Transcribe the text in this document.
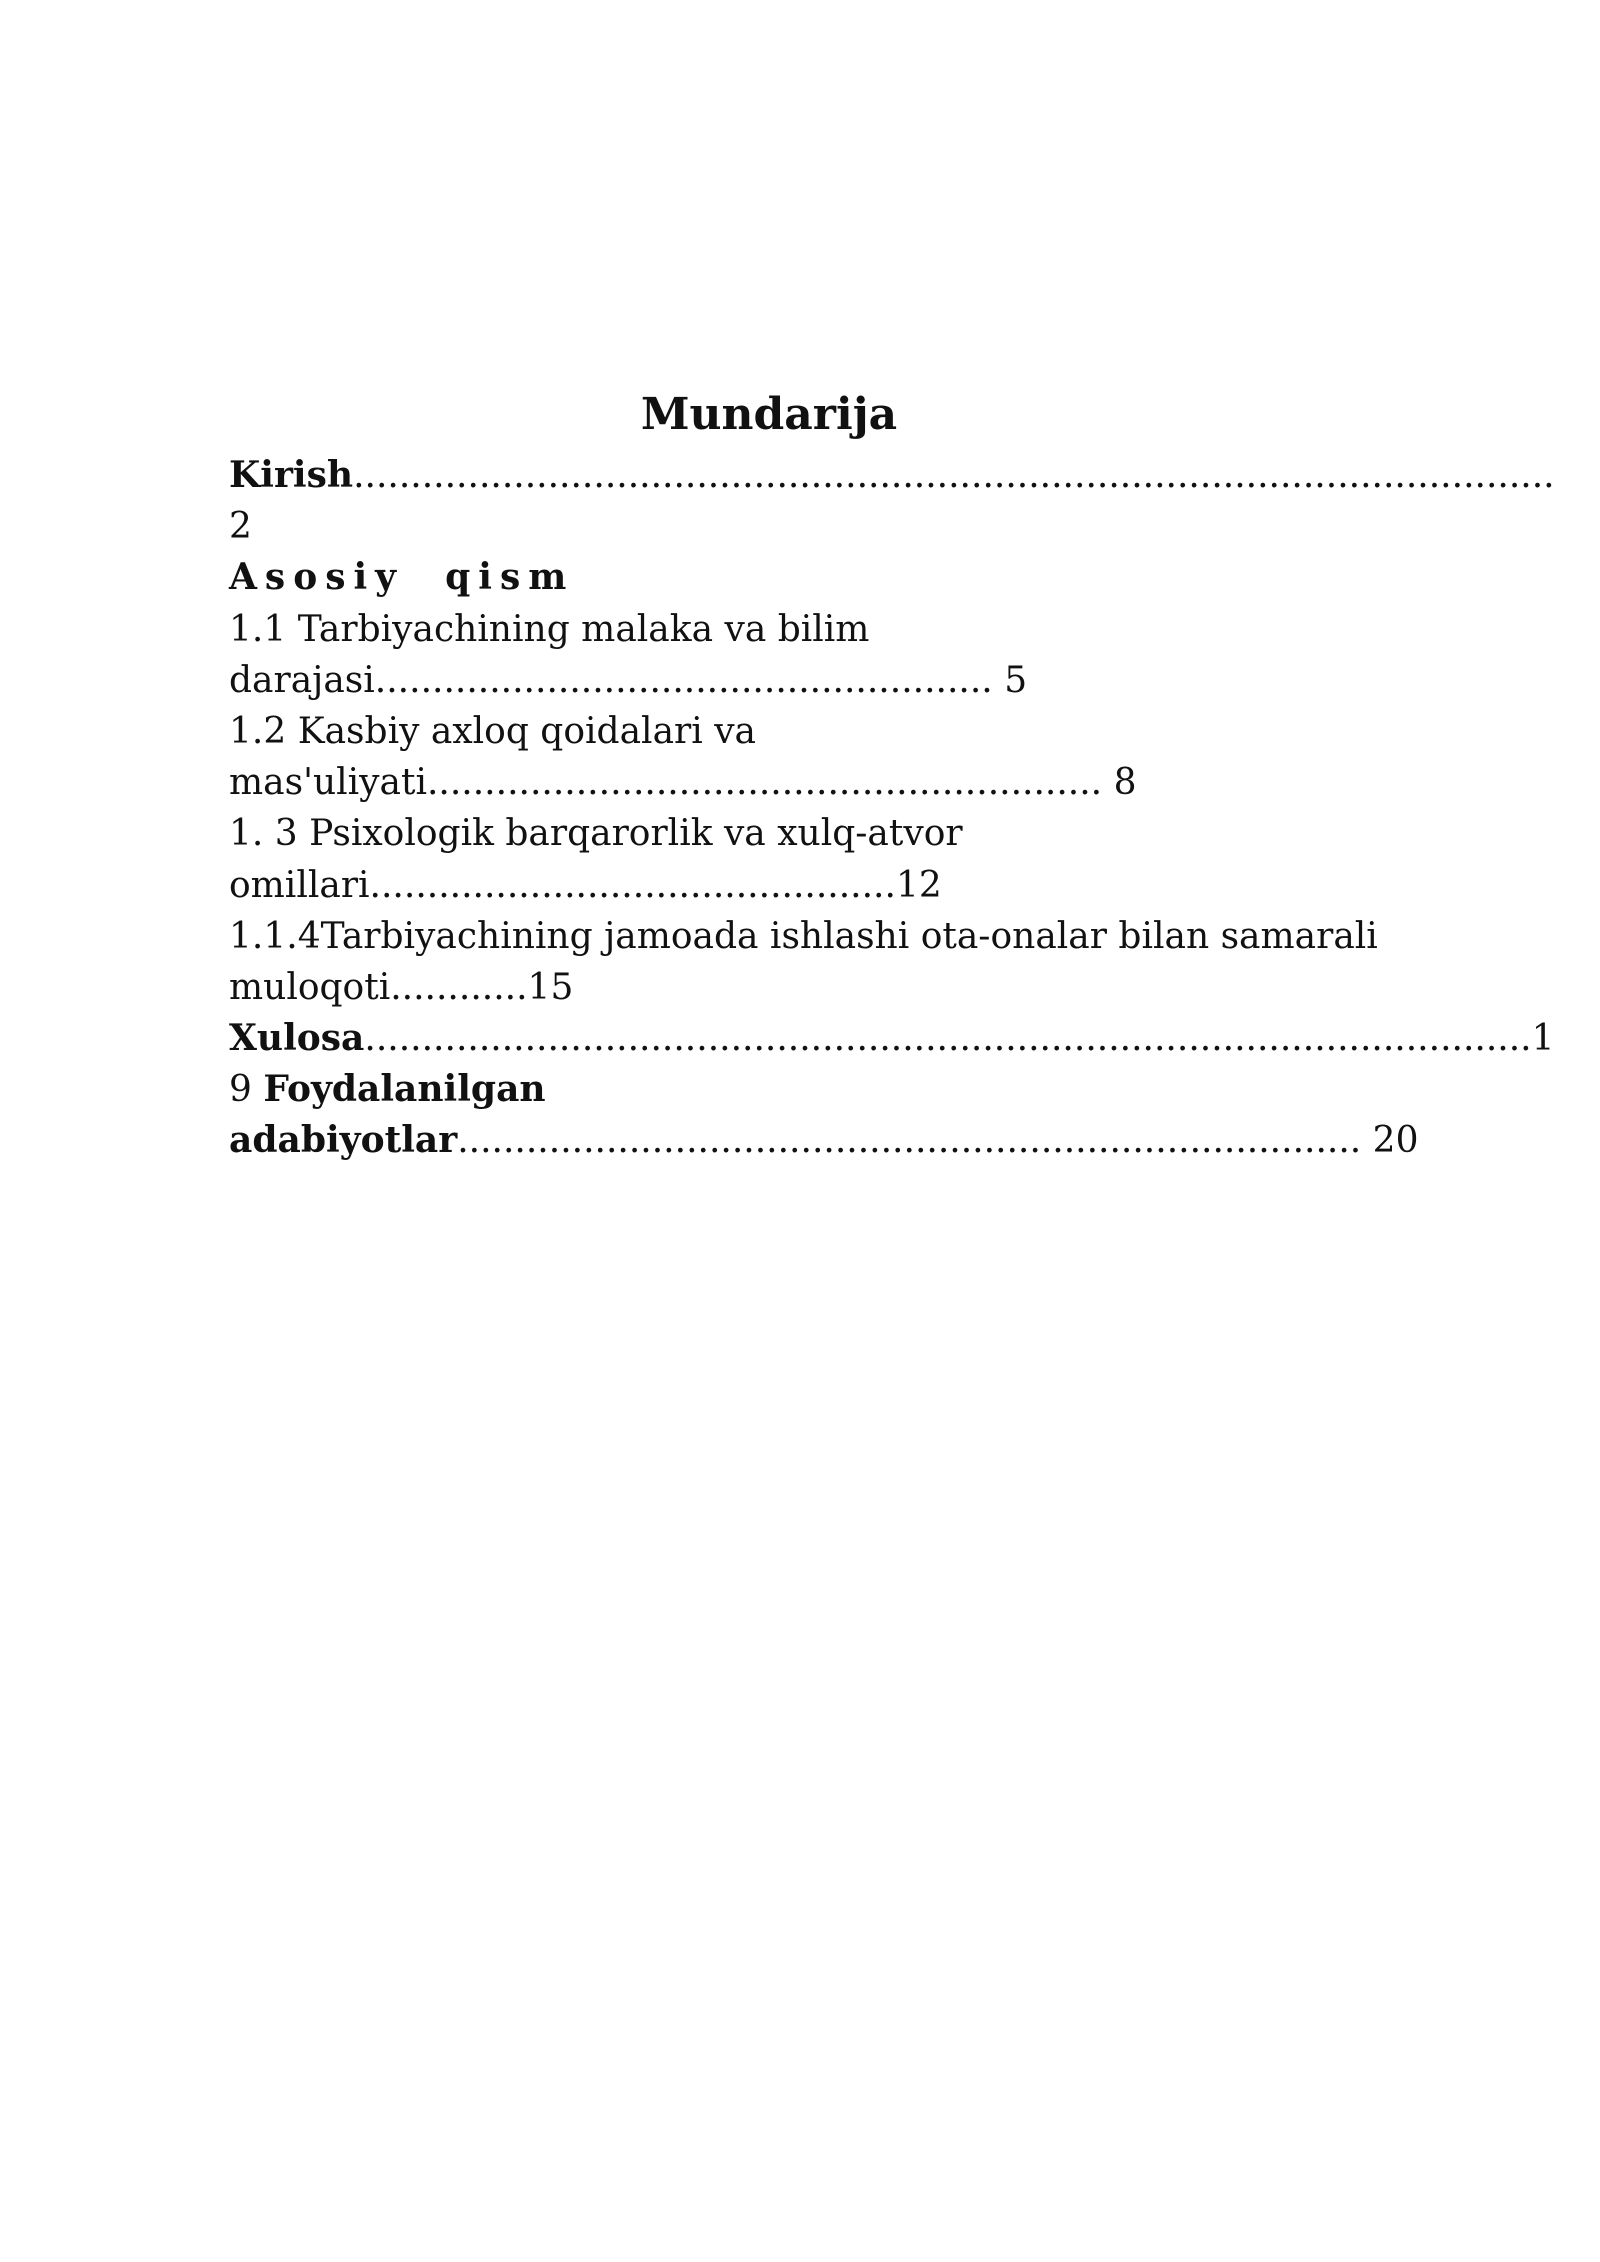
Mundarija
Kirish.........................................................................................................
2
Asosiy  qism
1.1 Tarbiyachining malaka va bilim
darajasi...................................................... 5
1.2 Kasbiy axloq qoidalari va
mas'uliyati........................................................... 8
1. 3 Psixologik barqarorlik va xulq-atvor
omillari..............................................12
1.1.4Tarbiyachining jamoada ishlashi ota-onalar bilan samarali
muloqoti............15
Xulosa......................................................................................................1
9 Foydalanilgan
adabiyotlar............................................................................... 20
